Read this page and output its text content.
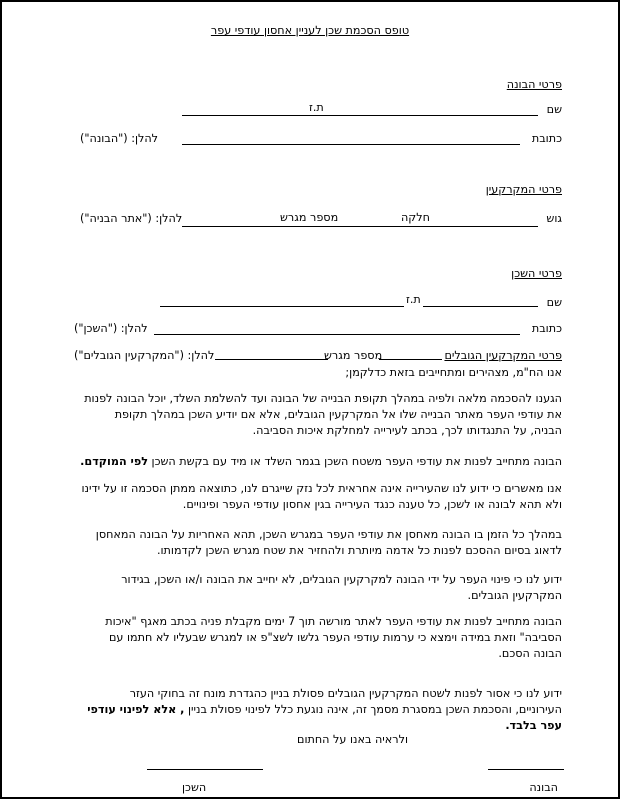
טופס הסכמת שכן לעניין אחסון עודפי עפר
פרטי הבונה
שם
ת.ז
כתובת
להלן: ("הבונה")
פרטי המקרקעין
גוש
חלקה
מספר מגרש
להלן: ("אתר הבניה")
פרטי השכן
שם
ת.ז
כתובת
להלן: ("השכן")
פרטי המקרקעין הגובלים
מספר מגרש
להלן: ("המקרקעין הגובלים")
אנו הח"מ, מצהירים ומתחייבים בזאת כדלקמן;
הגענו להסכמה מלאה ולפיה במהלך תקופת הבנייה של הבונה ועד להשלמת השלד, יוכל הבונה לפנות את עודפי העפר מאתר הבנייה שלו אל המקרקעין הגובלים, אלא אם יודיע השכן במהלך תקופת הבניה, על התנגדותו לכך, בכתב לעירייה למחלקת איכות הסביבה.
הבונה מתחייב לפנות את עודפי העפר משטח השכן בגמר השלד או מיד עם בקשת השכן לפי המוקדם.
אנו מאשרים כי ידוע לנו שהעירייה אינה אחראית לכל נזק שייגרם לנו, כתוצאה ממתן הסכמה זו על ידינו ולא תהא לבונה או לשכן, כל טענה כנגד העירייה בגין אחסון עודפי העפר ופינויים.
במהלך כל הזמן בו הבונה מאחסן את עודפי העפר במגרש השכן, תהא האחריות על הבונה המאחסן לדאוג בסיום ההסכם לפנות כל אדמה מיותרת ולהחזיר את שטח מגרש השכן לקדמותו.
ידוע לנו כי פינוי העפר על ידי הבונה למקרקעין הגובלים, לא יחייב את הבונה ו/או השכן, בגידור המקרקעין הגובלים.
הבונה מתחייב לפנות את עודפי העפר לאתר מורשה תוך 7 ימים מקבלת פניה בכתב מאגף "איכות הסביבה" וזאת במידה וימצא כי ערמות עודפי העפר גלשו לשצ"פ או למגרש שבעליו לא חתמו עם הבונה הסכם.
ידוע לנו כי אסור לפנות לשטח המקרקעין הגובלים פסולת בניין כהגדרת מונח זה בחוקי העזר העירוניים, והסכמת השכן במסגרת מסמך זה, אינה נוגעת כלל לפינוי פסולת בניין , אלא לפינוי עודפי עפר בלבד.
ולראיה באנו על החתום
הבונה
השכן
